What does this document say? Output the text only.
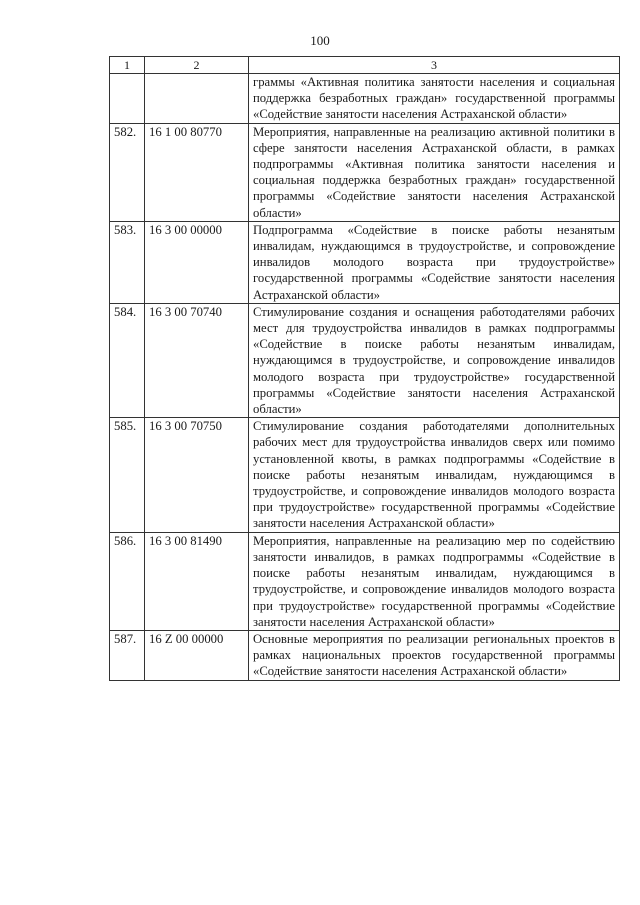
100
1	2	3
		граммы «Активная политика занятости населения и социальная поддержка безработных граждан» государственной программы «Содействие занятости населения Астраханской области»
582.	16 1 00 80770	Мероприятия, направленные на реализацию активной политики в сфере занятости населения Астраханской области, в рамках подпрограммы «Активная политика занятости населения и социальная поддержка безработных граждан» государственной программы «Содействие занятости населения Астраханской области»
583.	16 3 00 00000	Подпрограмма «Содействие в поиске работы незанятым инвалидам, нуждающимся в трудоустройстве, и сопровождение инвалидов молодого возраста при трудоустройстве» государственной программы «Содействие занятости населения Астраханской области»
584.	16 3 00 70740	Стимулирование создания и оснащения работодателями рабочих мест для трудоустройства инвалидов в рамках подпрограммы «Содействие в поиске работы незанятым инвалидам, нуждающимся в трудоустройстве, и сопровождение инвалидов молодого возраста при трудоустройстве» государственной программы «Содействие занятости населения Астраханской области»
585.	16 3 00 70750	Стимулирование создания работодателями дополнительных рабочих мест для трудоустройства инвалидов сверх или помимо установленной квоты, в рамках подпрограммы «Содействие в поиске работы незанятым инвалидам, нуждающимся в трудоустройстве, и сопровождение инвалидов молодого возраста при трудоустройстве» государственной программы «Содействие занятости населения Астраханской области»
586.	16 3 00 81490	Мероприятия, направленные на реализацию мер по содействию занятости инвалидов, в рамках подпрограммы «Содействие в поиске работы незанятым инвалидам, нуждающимся в трудоустройстве, и сопровождение инвалидов молодого возраста при трудоустройстве» государственной программы «Содействие занятости населения Астраханской области»
587.	16 Z 00 00000	Основные мероприятия по реализации региональных проектов в рамках национальных проектов государственной программы «Содействие занятости населения Астраханской области»
